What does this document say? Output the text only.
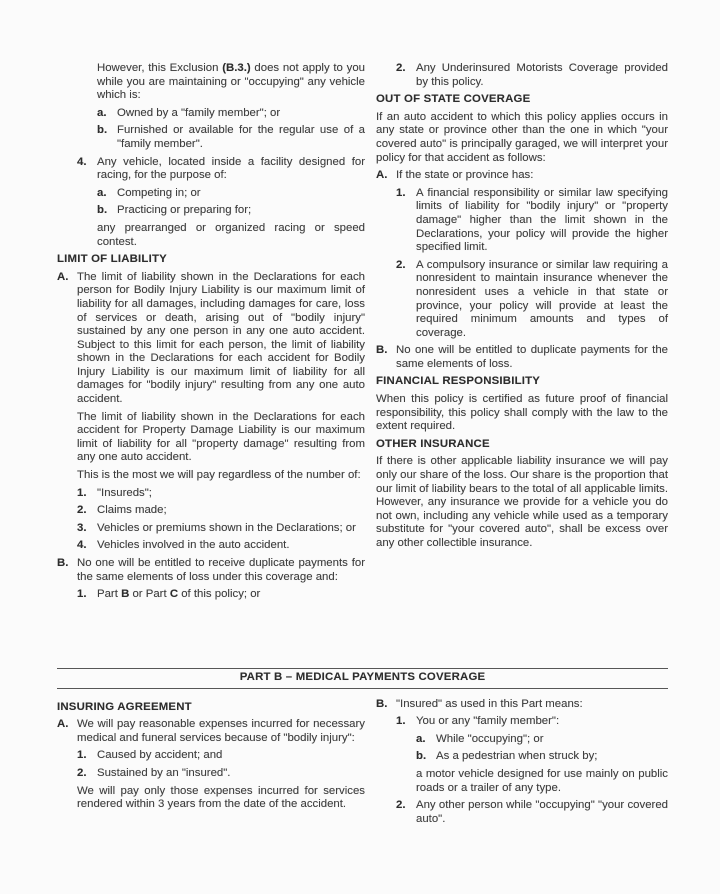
However, this Exclusion (B.3.) does not apply to you while you are maintaining or "occupying" any vehicle which is:
a. Owned by a "family member"; or
b. Furnished or available for the regular use of a "family member".
4. Any vehicle, located inside a facility designed for racing, for the purpose of:
a. Competing in; or
b. Practicing or preparing for;
any prearranged or organized racing or speed contest.
LIMIT OF LIABILITY
A. The limit of liability shown in the Declarations for each person for Bodily Injury Liability is our maximum limit of liability for all damages, including damages for care, loss of services or death, arising out of "bodily injury" sustained by any one person in any one auto accident. Subject to this limit for each person, the limit of liability shown in the Declarations for each accident for Bodily Injury Liability is our maximum limit of liability for all damages for "bodily injury" resulting from any one auto accident.
The limit of liability shown in the Declarations for each accident for Property Damage Liability is our maximum limit of liability for all "property damage" resulting from any one auto accident.
This is the most we will pay regardless of the number of:
1. "Insureds";
2. Claims made;
3. Vehicles or premiums shown in the Declarations; or
4. Vehicles involved in the auto accident.
B. No one will be entitled to receive duplicate payments for the same elements of loss under this coverage and:
1. Part B or Part C of this policy; or
2. Any Underinsured Motorists Coverage provided by this policy.
OUT OF STATE COVERAGE
If an auto accident to which this policy applies occurs in any state or province other than the one in which "your covered auto" is principally garaged, we will interpret your policy for that accident as follows:
A. If the state or province has:
1. A financial responsibility or similar law specifying limits of liability for "bodily injury" or "property damage" higher than the limit shown in the Declarations, your policy will provide the higher specified limit.
2. A compulsory insurance or similar law requiring a nonresident to maintain insurance whenever the nonresident uses a vehicle in that state or province, your policy will provide at least the required minimum amounts and types of coverage.
B. No one will be entitled to duplicate payments for the same elements of loss.
FINANCIAL RESPONSIBILITY
When this policy is certified as future proof of financial responsibility, this policy shall comply with the law to the extent required.
OTHER INSURANCE
If there is other applicable liability insurance we will pay only our share of the loss. Our share is the proportion that our limit of liability bears to the total of all applicable limits. However, any insurance we provide for a vehicle you do not own, including any vehicle while used as a temporary substitute for "your covered auto", shall be excess over any other collectible insurance.
PART B – MEDICAL PAYMENTS COVERAGE
INSURING AGREEMENT
A. We will pay reasonable expenses incurred for necessary medical and funeral services because of "bodily injury":
1. Caused by accident; and
2. Sustained by an "insured".
We will pay only those expenses incurred for services rendered within 3 years from the date of the accident.
B. "Insured" as used in this Part means:
1. You or any "family member":
a. While "occupying"; or
b. As a pedestrian when struck by;
a motor vehicle designed for use mainly on public roads or a trailer of any type.
2. Any other person while "occupying" "your covered auto".
